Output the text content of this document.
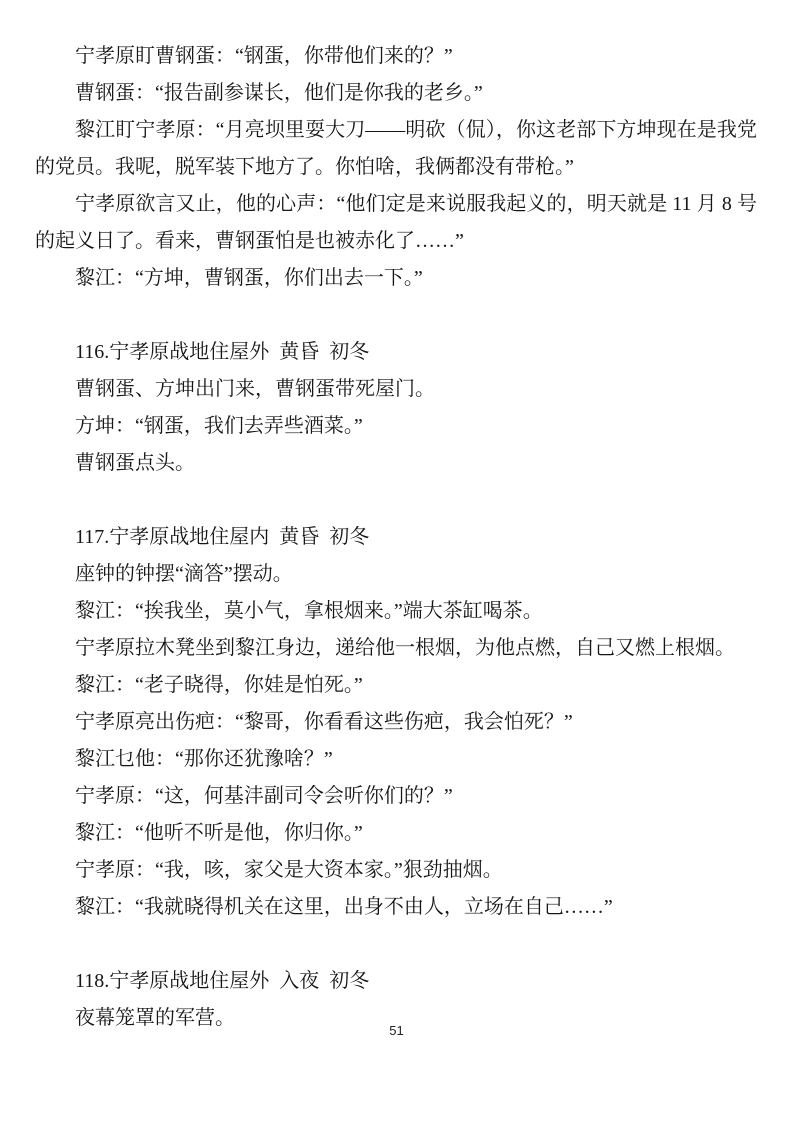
宁孝原盯曹钢蛋：“钢蛋，你带他们来的？”

曹钢蛋：“报告副参谋长，他们是你我的老乡。”

黎江盯宁孝原：“月亮坝里耍大刀——明砍（侃），你这老部下方坤现在是我党的党员。我呢，脱军装下地方了。你怕啥，我俩都没有带枪。”

宁孝原欲言又止，他的心声：“他们定是来说服我起义的，明天就是 11 月 8 号的起义日了。看来，曹钢蛋怕是也被赤化了……”

黎江：“方坤，曹钢蛋，你们出去一下。”

116.宁孝原战地住屋外  黄昏  初冬

曹钢蛋、方坤出门来，曹钢蛋带死屋门。

方坤：“钢蛋，我们去弄些酒菜。”

曹钢蛋点头。

117.宁孝原战地住屋内  黄昏  初冬

座钟的钟摆“滴答”摆动。

黎江：“挨我坐，莫小气，拿根烟来。”端大茶缸喝茶。

宁孝原拉木凳坐到黎江身边，递给他一根烟，为他点燃，自己又燃上根烟。

黎江：“老子晓得，你娃是怕死。”

宁孝原亮出伤疤：“黎哥，你看看这些伤疤，我会怕死？”

黎江乜他：“那你还犹豫啥？”

宁孝原：“这，何基沣副司令会听你们的？”

黎江：“他听不听是他，你归你。”

宁孝原：“我，咳，家父是大资本家。”狠劲抽烟。

黎江：“我就晓得机关在这里，出身不由人，立场在自己……”

118.宁孝原战地住屋外  入夜  初冬

夜幕笼罩的军营。

51
